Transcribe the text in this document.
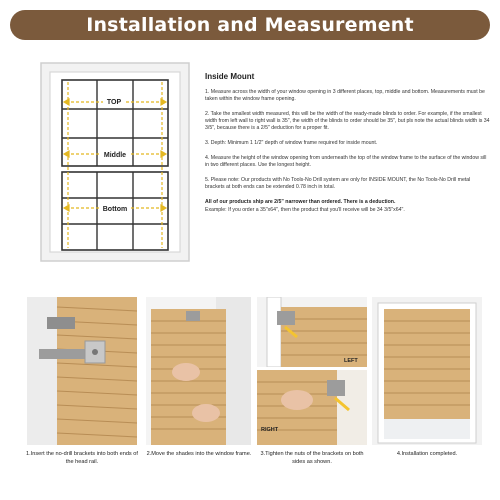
Installation and Measurement
TOP
Middle
Bottom
Inside Mount

1. Measure across the width of your window opening in 3 different places, top, middle and bottom. Measurements must be taken within the window frame opening.

2. Take the smallest width measured, this will be the width of the ready-made blinds to order. For example, if the smallest width from left wall to right wall is 35", the width of the blinds to order should be 35", but pls note the actual blinds width is 34 3/5", because there is a 2/5" deduction for a proper fit.

3. Depth: Minimum 1 1/2" depth of window frame required for inside mount.

4. Measure the height of the window opening from underneath the top of the window frame to the surface of the window sill in two different places. Use the longest height.

5. Please note: Our products with No Tools-No Drill system are only for INSIDE MOUNT, the No Tools-No Drill metal brackets at both ends can be extended 0.78 inch in total.

All of our products ship are 2/5" narrower than ordered. There is a deduction.

Example: If you order a 35"x64", then the product that you'll receive will be 34 3/5"x64".

1.Insert the no-drill brackets into both ends of the head rail.
2.Move the shades into the window frame.
LEFT
RIGHT
3.Tighten the nuts of the brackets on both sides as shown.
4.Installation completed.
